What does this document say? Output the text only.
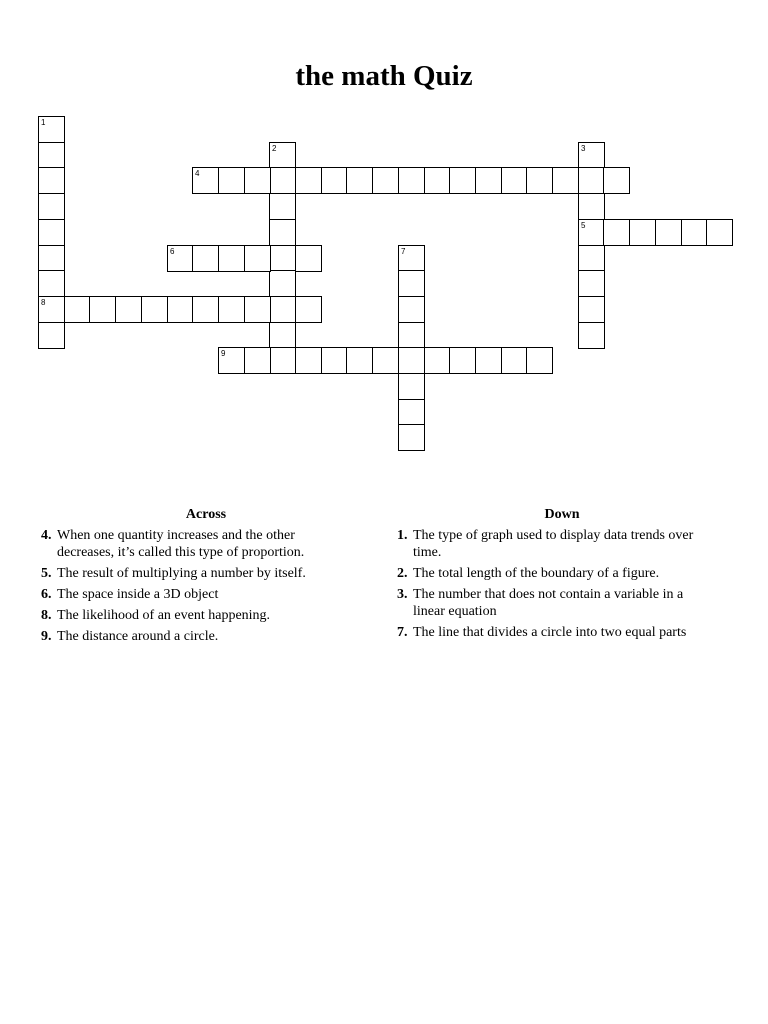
the math Quiz
1
8
2	3
5
4
6	7
9
Across
4. When one quantity increases and the other
decreases, it’s called this type of proportion.
5. The result of multiplying a number by itself.
6. The space inside a 3D object
8. The likelihood of an event happening.
9. The distance around a circle.
Down
1. The type of graph used to display data trends over
time.
2. The total length of the boundary of a figure.
3. The number that does not contain a variable in a
linear equation
7. The line that divides a circle into two equal parts
